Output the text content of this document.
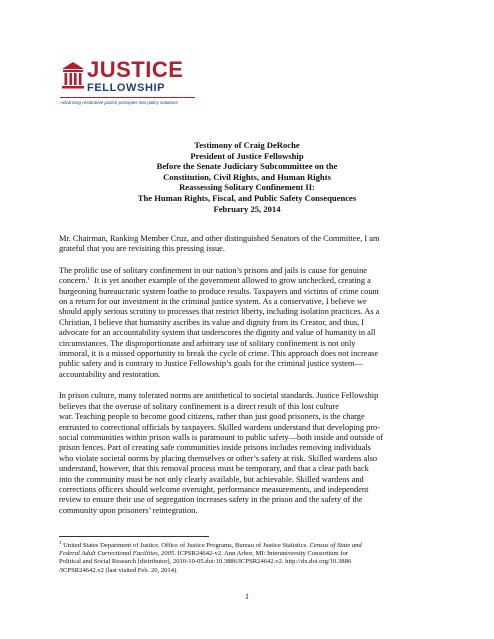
JUSTICE
FELLOWSHIP
Advancing restorative justice principles into policy solutions
Testimony of Craig DeRoche
President of Justice Fellowship
Before the Senate Judiciary Subcommittee on the
Constitution, Civil Rights, and Human Rights
Reassessing Solitary Confinement II:
The Human Rights, Fiscal, and Public Safety Consequences
February 25, 2014

Mr. Chairman, Ranking Member Cruz, and other distinguished Senators of the Committee, I am
grateful that you are revisiting this pressing issue.

The prolific use of solitary confinement in our nation’s prisons and jails is cause for genuine
concern.$^1$  It is yet another example of the government allowed to grow unchecked, creating a
burgeoning bureaucratic system loathe to produce results. Taxpayers and victims of crime count
on a return for our investment in the criminal justice system. As a conservative, I believe we
should apply serious scrutiny to processes that restrict liberty, including isolation practices. As a
Christian, I believe that humanity ascribes its value and dignity from its Creator, and thus, I
advocate for an accountability system that underscores the dignity and value of humanity in all
circumstances. The disproportionate and arbitrary use of solitary confinement is not only
immoral, it is a missed opportunity to break the cycle of crime. This approach does not increase
public safety and is contrary to Justice Fellowship’s goals for the criminal justice system—
accountability and restoration.

In prison culture, many tolerated norms are antithetical to societal standards. Justice Fellowship
believes that the overuse of solitary confinement is a direct result of this lost culture
war. Teaching people to become good citizens, rather than just good prisoners, is the charge
entrusted to correctional officials by taxpayers. Skilled wardens understand that developing pro-
social communities within prison walls is paramount to public safety—both inside and outside of
prison fences. Part of creating safe communities inside prisons includes removing individuals
who violate societal norms by placing themselves or other’s safety at risk. Skilled wardens also
understand, however, that this removal process must be temporary, and that a clear path back
into the community must be not only clearly available, but achievable. Skilled wardens and
corrections officers should welcome oversight, performance measurements, and independent
review to ensure their use of segregation increases safety in the prison and the safety of the
community upon prisoners’ reintegration.

$^1$ United States Department of Justice, Office of Justice Programs, Bureau of Justice Statistics. Census of State and
Federal Adult Correctional Facilities, 2005. ICPSR24642-v2. Ann Arbor, MI: Interuniversity Consortium for
Political and Social Research [distributor], 2010-10-05.doi:10.3886/ICPSR24642.v2. http://dx.doi.org/10.3886
/ICPSR24642.v2 (last visited Feb. 20, 2014).
1
